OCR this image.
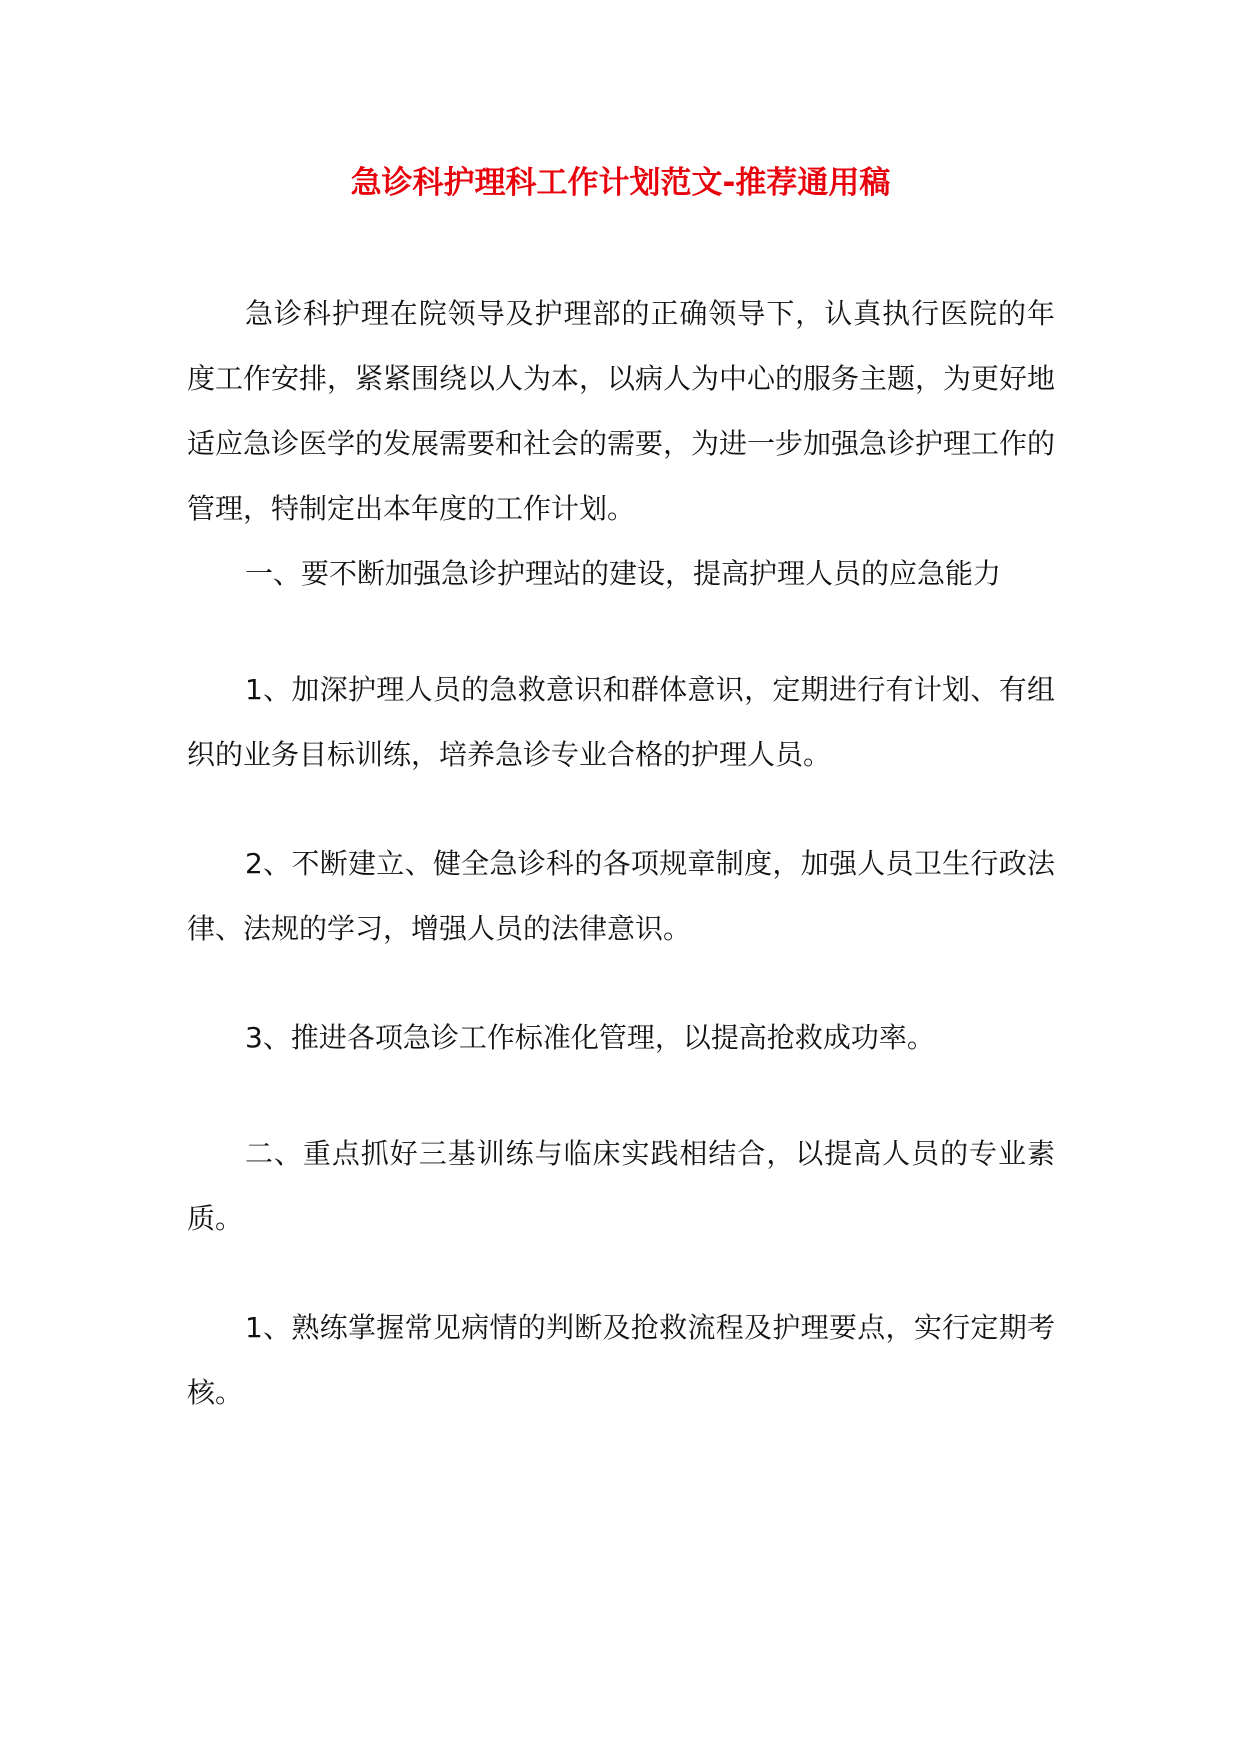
急诊科护理科工作计划范文-推荐通用稿

急诊科护理在院领导及护理部的正确领导下，认真执行医院的年度工作安排，紧紧围绕以人为本，以病人为中心的服务主题，为更好地适应急诊医学的发展需要和社会的需要，为进一步加强急诊护理工作的管理，特制定出本年度的工作计划。

一、要不断加强急诊护理站的建设，提高护理人员的应急能力

1、加深护理人员的急救意识和群体意识，定期进行有计划、有组织的业务目标训练，培养急诊专业合格的护理人员。

2、不断建立、健全急诊科的各项规章制度，加强人员卫生行政法律、法规的学习，增强人员的法律意识。

3、推进各项急诊工作标准化管理，以提高抢救成功率。

二、重点抓好三基训练与临床实践相结合，以提高人员的专业素质。

1、熟练掌握常见病情的判断及抢救流程及护理要点，实行定期考核。
